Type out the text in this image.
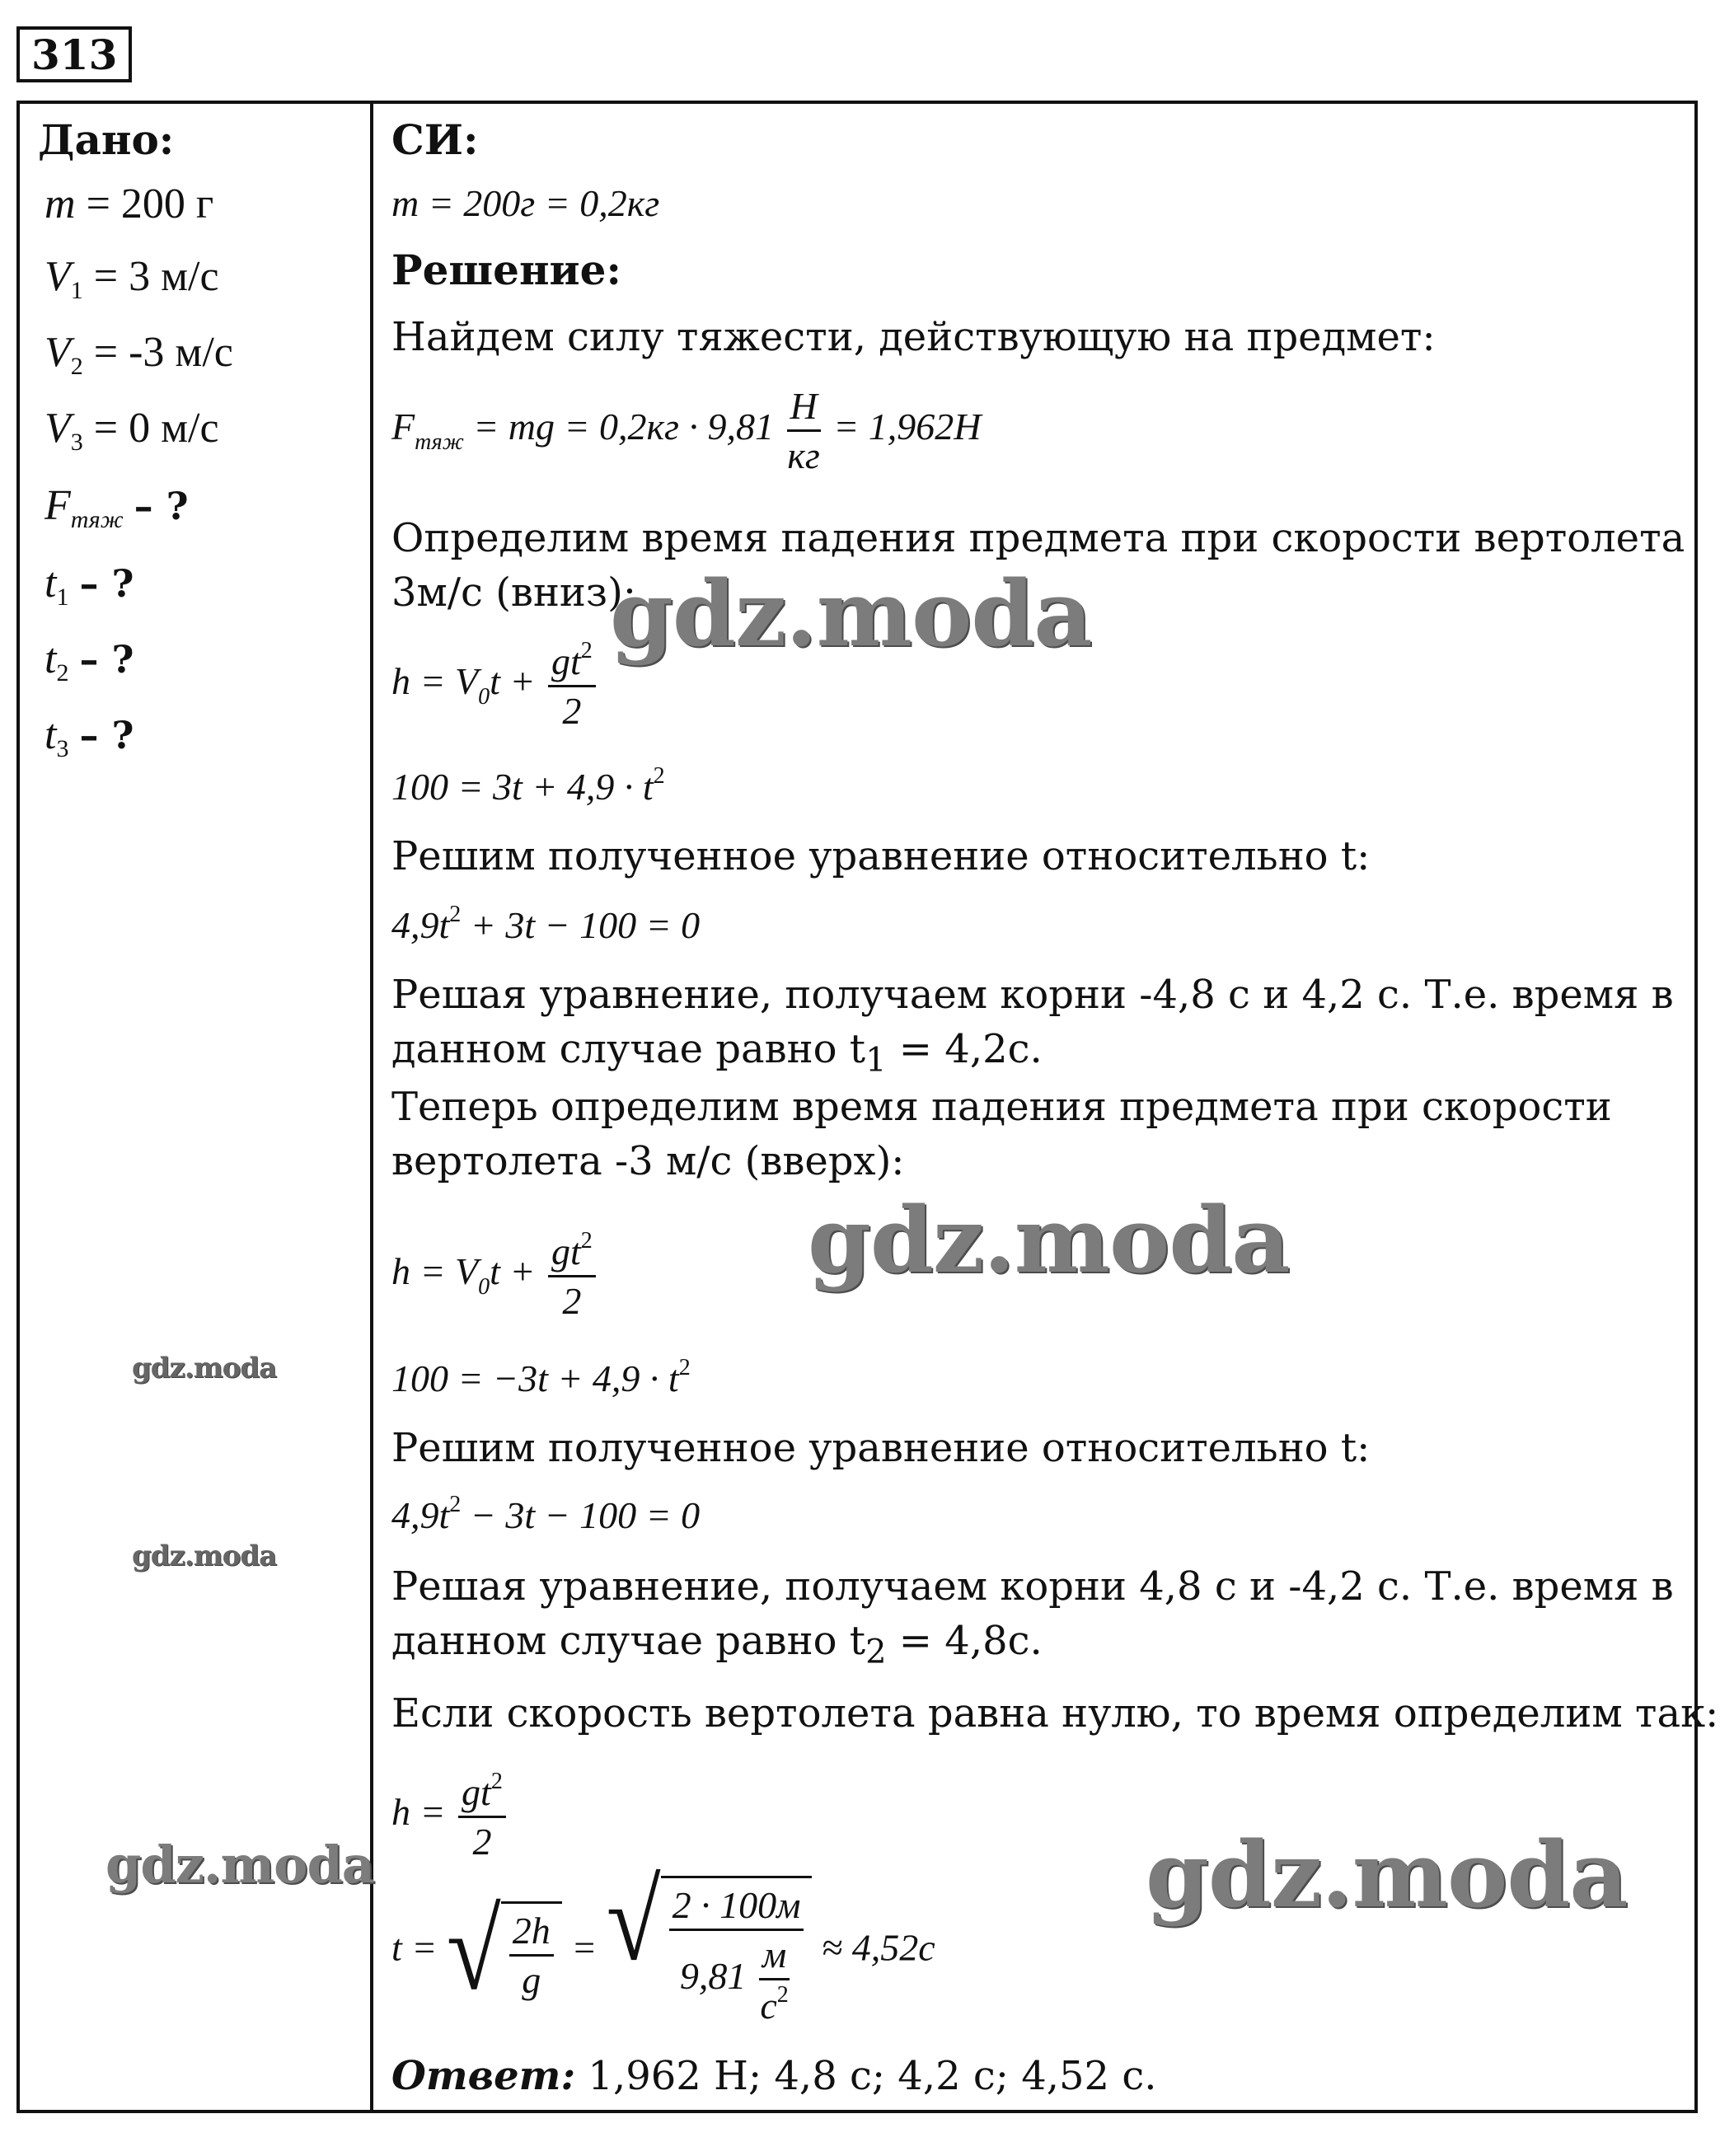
313
Дано:
m = 200 г
$V_1 = 3$ м/с
$V_2 = -3$ м/с
$V_3 = 0$ м/с
Fтяж – ?
$t_1$ – ?
$t_2$ – ?
$t_3$ – ?
СИ:
m = 200г = 0,2кг
Решение:
Найдем силу тяжести, действующую на предмет:
$F_{тяж}$ = mg = $0,2кг \cdot 9,81 \frac{Н}{кг} = 1,962Н$
Определим время падения предмета при скорости вертолета
3м/с (вниз):
$h = V_0t + \frac{gt^2}{2}$
$100 = 3t + 4,9 \cdot t^2$
Решим полученное уравнение относительно t:
$4,9t^2 + 3t - 100 = 0$
Решая уравнение, получаем корни -4,8 с и 4,2 с. Т.е. время в
данном случае равно $t_1 = 4,2с$.
Теперь определим время падения предмета при скорости
вертолета -3 м/с (вверх):
$h = V_0t + \frac{gt^2}{2}$
$100 = -3t + 4,9 \cdot t^2$
Решим полученное уравнение относительно t:
$4,9t^2 - 3t - 100 = 0$
Решая уравнение, получаем корни 4,8 с и -4,2 с. Т.е. время в
данном случае равно $t_2 = 4,8с$.
Если скорость вертолета равна нулю, то время определим так:
$h = \frac{gt^2}{2}$
t = √ $\frac{2h}{g}$ = √ $\frac{2 \cdot 100м}{9,81 \frac{м}{с^2}} \approx 4,52с$
Ответ: 1,962 Н; 4,8 с; 4,2 с; 4,52 с.
gdz.moda
gdz.moda
gdz.moda
gdz.moda
gdz.moda
gdz.moda
